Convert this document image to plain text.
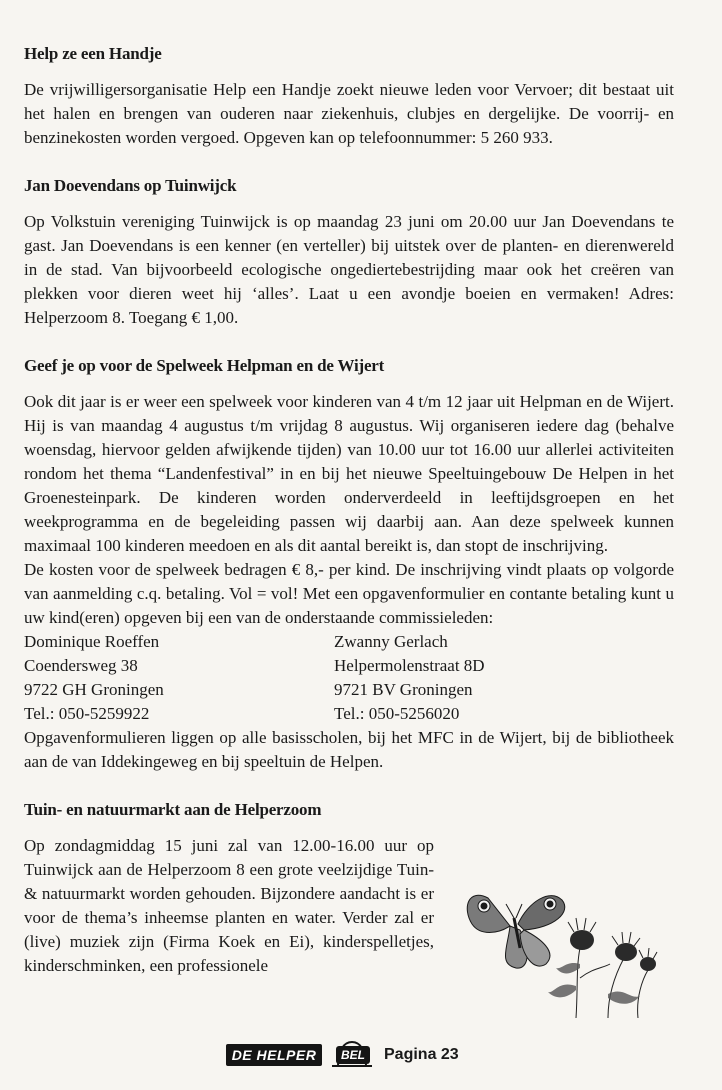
Help ze een Handje

De vrijwilligersorganisatie Help een Handje zoekt nieuwe leden voor Vervoer; dit bestaat uit het halen en brengen van ouderen naar ziekenhuis, clubjes en dergelijke. De voorrij- en benzinekosten worden vergoed. Opgeven kan op telefoonnummer: 5 260 933.

Jan Doevendans op Tuinwijck

Op Volkstuin vereniging Tuinwijck is op maandag 23 juni om 20.00 uur Jan Doevendans te gast. Jan Doevendans is een kenner (en verteller) bij uitstek over de planten- en dierenwereld in de stad. Van bijvoorbeeld ecologische ongediertebestrijding maar ook het creëren van plekken voor dieren weet hij ‘alles’. Laat u een avondje boeien en vermaken! Adres: Helperzoom 8. Toegang € 1,00.

Geef je op voor de Spelweek Helpman en de Wijert

Ook dit jaar is er weer een spelweek voor kinderen van 4 t/m 12 jaar uit Helpman en de Wijert. Hij is van maandag 4 augustus t/m vrijdag 8 augustus. Wij organiseren iedere dag (behalve woensdag, hiervoor gelden afwijkende tijden) van 10.00 uur tot 16.00 uur allerlei activiteiten rondom het thema “Landenfestival” in en bij het nieuwe Speeltuingebouw De Helpen in het Groenesteinpark. De kinderen worden onderverdeeld in leeftijdsgroepen en het weekprogramma en de begeleiding passen wij daarbij aan. Aan deze spelweek kunnen maximaal 100 kinderen meedoen en als dit aantal bereikt is, dan stopt de inschrijving.

De kosten voor de spelweek bedragen € 8,- per kind. De inschrijving vindt plaats op volgorde van aanmelding c.q. betaling. Vol = vol! Met een opgavenformulier en contante betaling kunt u uw kind(eren) opgeven bij een van de onderstaande commissieleden:

Dominique Roeffen
Coendersweg 38
9722 GH Groningen
Tel.: 050-5259922
Zwanny Gerlach
Helpermolenstraat 8D
9721 BV Groningen
Tel.: 050-5256020

Opgavenformulieren liggen op alle basisscholen, bij het MFC in de Wijert, bij de bibliotheek aan de van Iddekingeweg en bij speeltuin de Helpen.

Tuin- en natuurmarkt aan de Helperzoom

Op zondagmiddag 15 juni zal van 12.00-16.00 uur op Tuinwijck aan de Helperzoom 8 een grote veelzijdige Tuin- & natuurmarkt worden gehouden. Bijzondere aandacht is er voor de thema’s inheemse planten en water. Verder zal er (live) muziek zijn (Firma Koek en Ei), kinderspelletjes, kinderschminken, een professionele

DE HELPER	BEL	Pagina 23
